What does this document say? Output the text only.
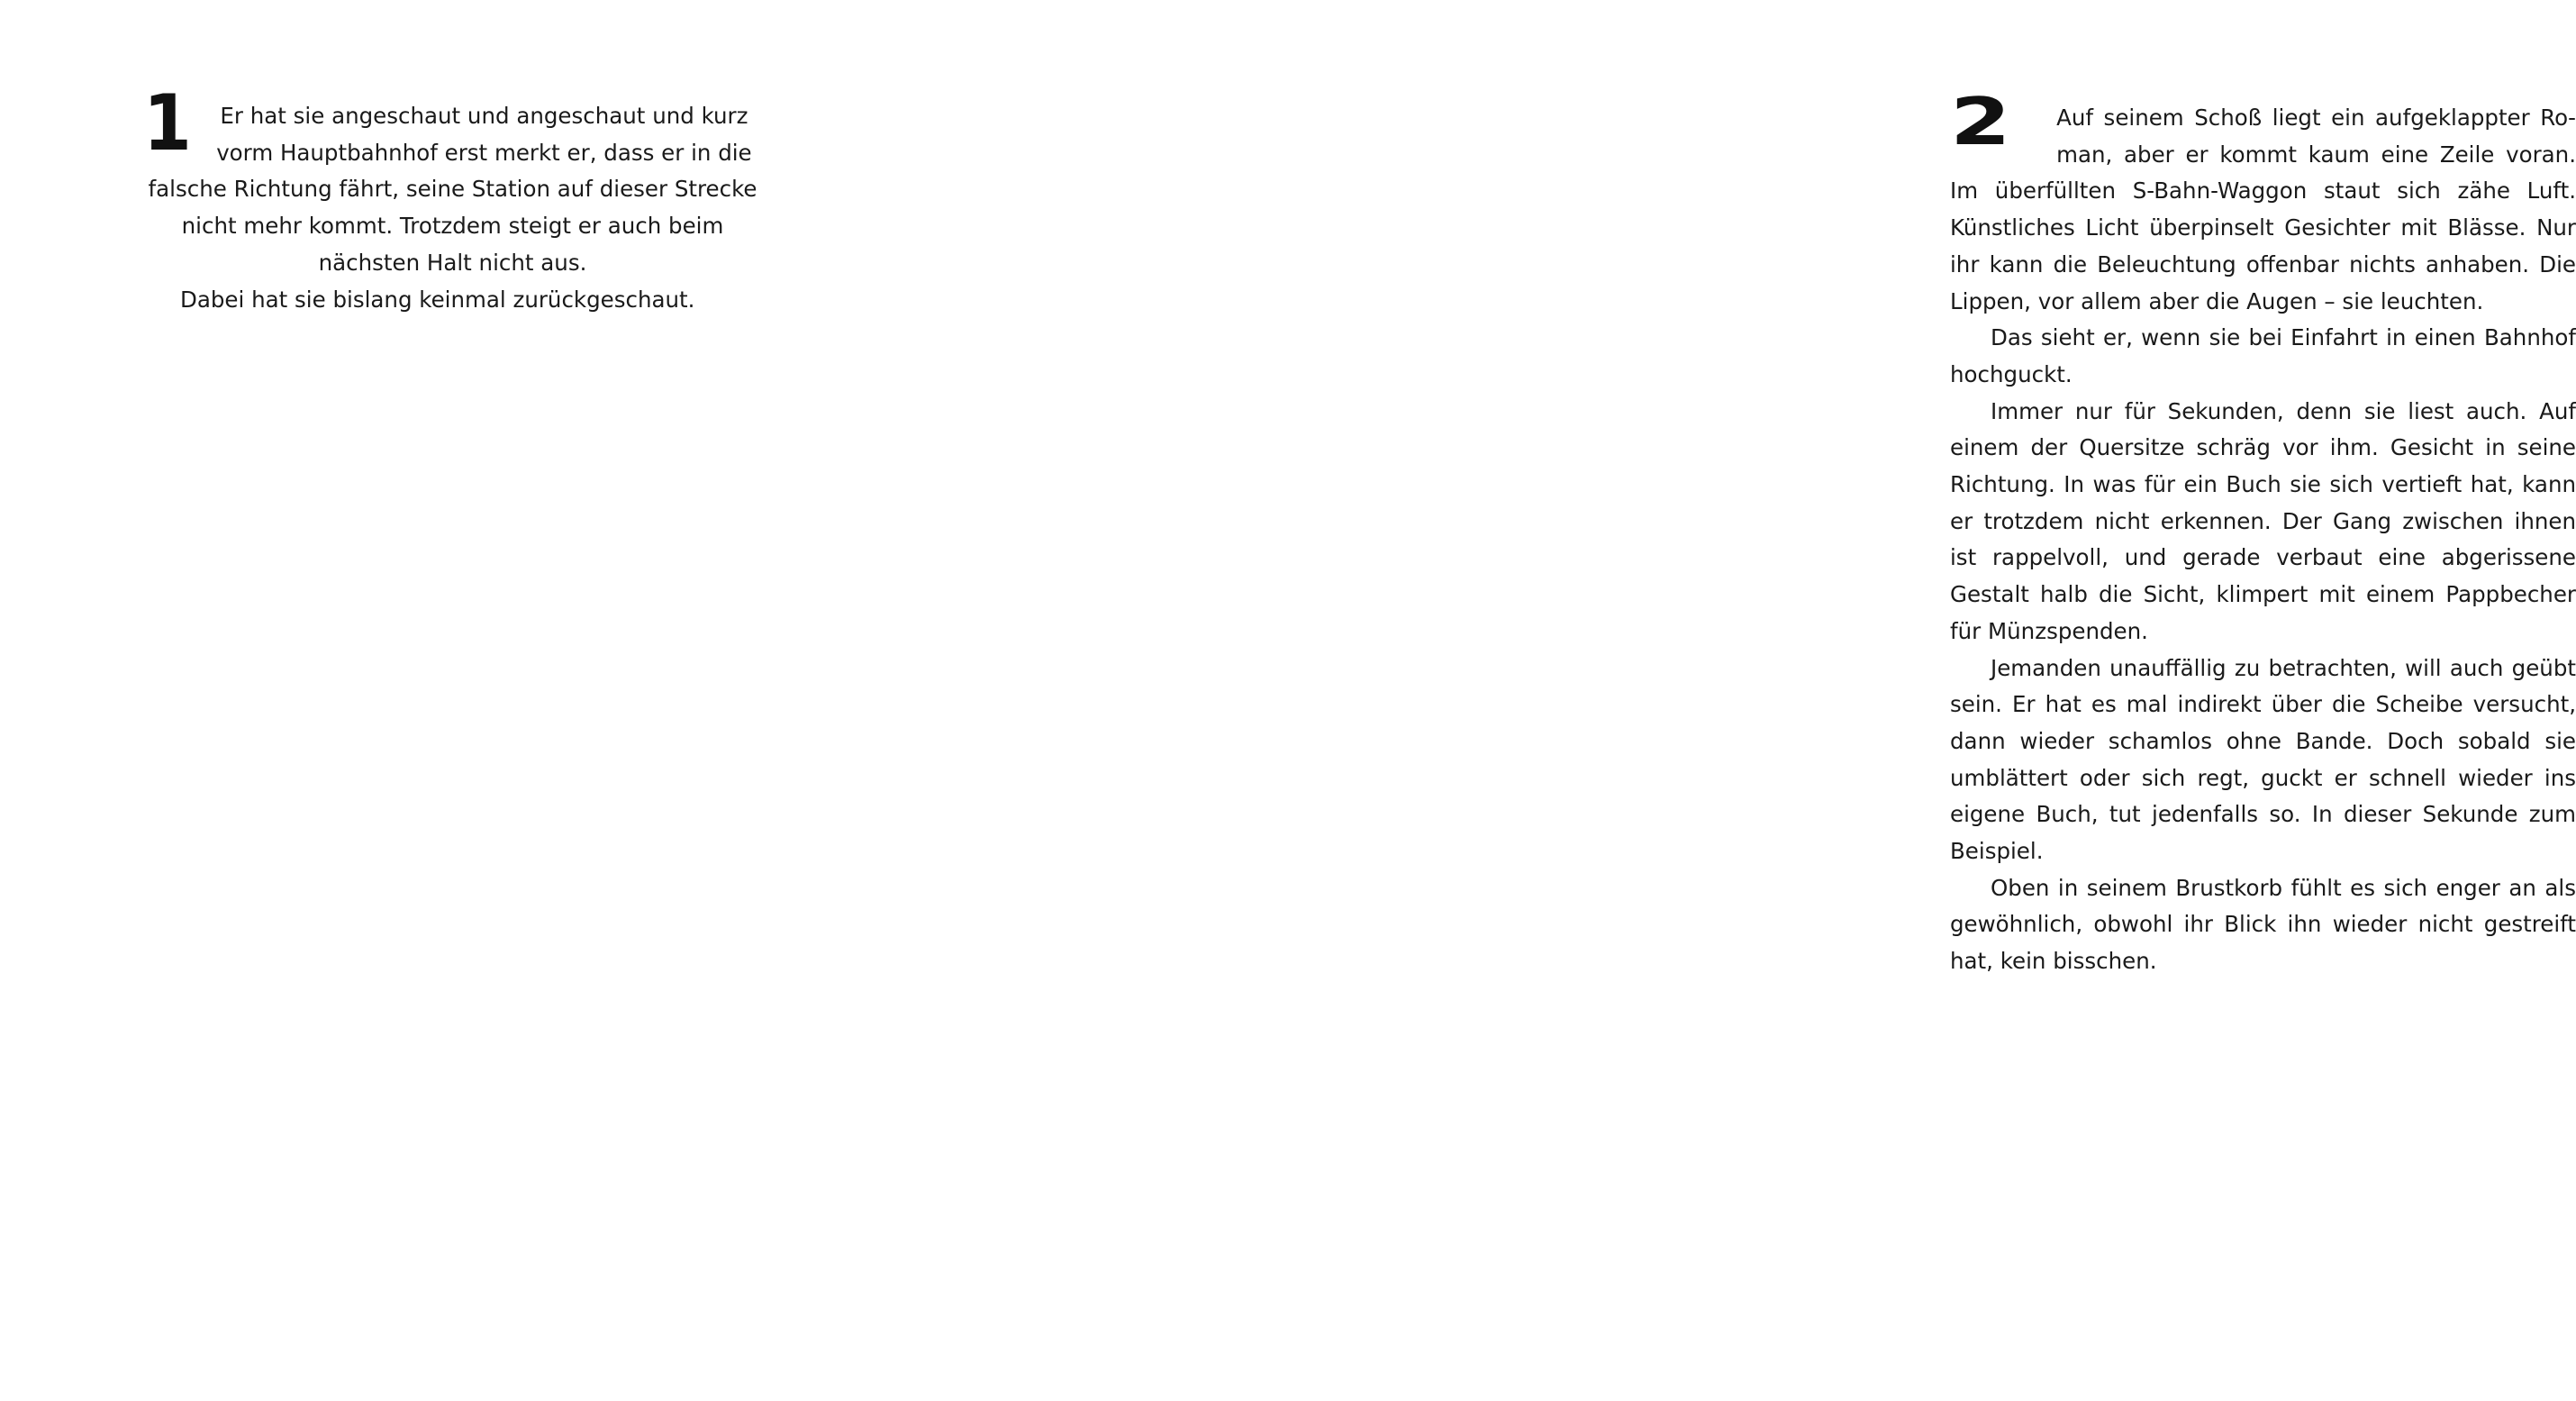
1	Er hat sie angeschaut und angeschaut und kurz vorm Hauptbahnhof erst merkt er, dass er in die falsche Richtung fährt, seine Station auf dieser Strecke nicht mehr kommt. Trotzdem steigt er auch beim nächsten Halt nicht aus.

Dabei hat sie bislang keinmal zurückgeschaut.

2	Auf seinem Schoß liegt ein aufgeklappter Roman, aber er kommt kaum eine Zeile voran. Im überfüllten S-Bahn-Waggon staut sich zähe Luft. Künstliches Licht überpinselt Gesichter mit Blässe. Nur ihr kann die Beleuchtung offenbar nichts anhaben. Die Lippen, vor allem aber die Augen – sie leuchten.

Das sieht er, wenn sie bei Einfahrt in einen Bahnhof hochguckt.

Immer nur für Sekunden, denn sie liest auch. Auf einem der Quersitze schräg vor ihm. Gesicht in seine Richtung. In was für ein Buch sie sich vertieft hat, kann er trotzdem nicht erkennen. Der Gang zwischen ihnen ist rappelvoll, und gerade verbaut eine abgerissene Gestalt halb die Sicht, klimpert mit einem Pappbecher für Münzspenden.

Jemanden unauffällig zu betrachten, will auch geübt sein. Er hat es mal indirekt über die Scheibe versucht, dann wieder schamlos ohne Bande. Doch sobald sie umblättert oder sich regt, guckt er schnell wieder ins eigene Buch, tut jedenfalls so. In dieser Sekunde zum Beispiel.

Oben in seinem Brustkorb fühlt es sich enger an als gewöhnlich, obwohl ihr Blick ihn wieder nicht gestreift hat, kein bisschen.
